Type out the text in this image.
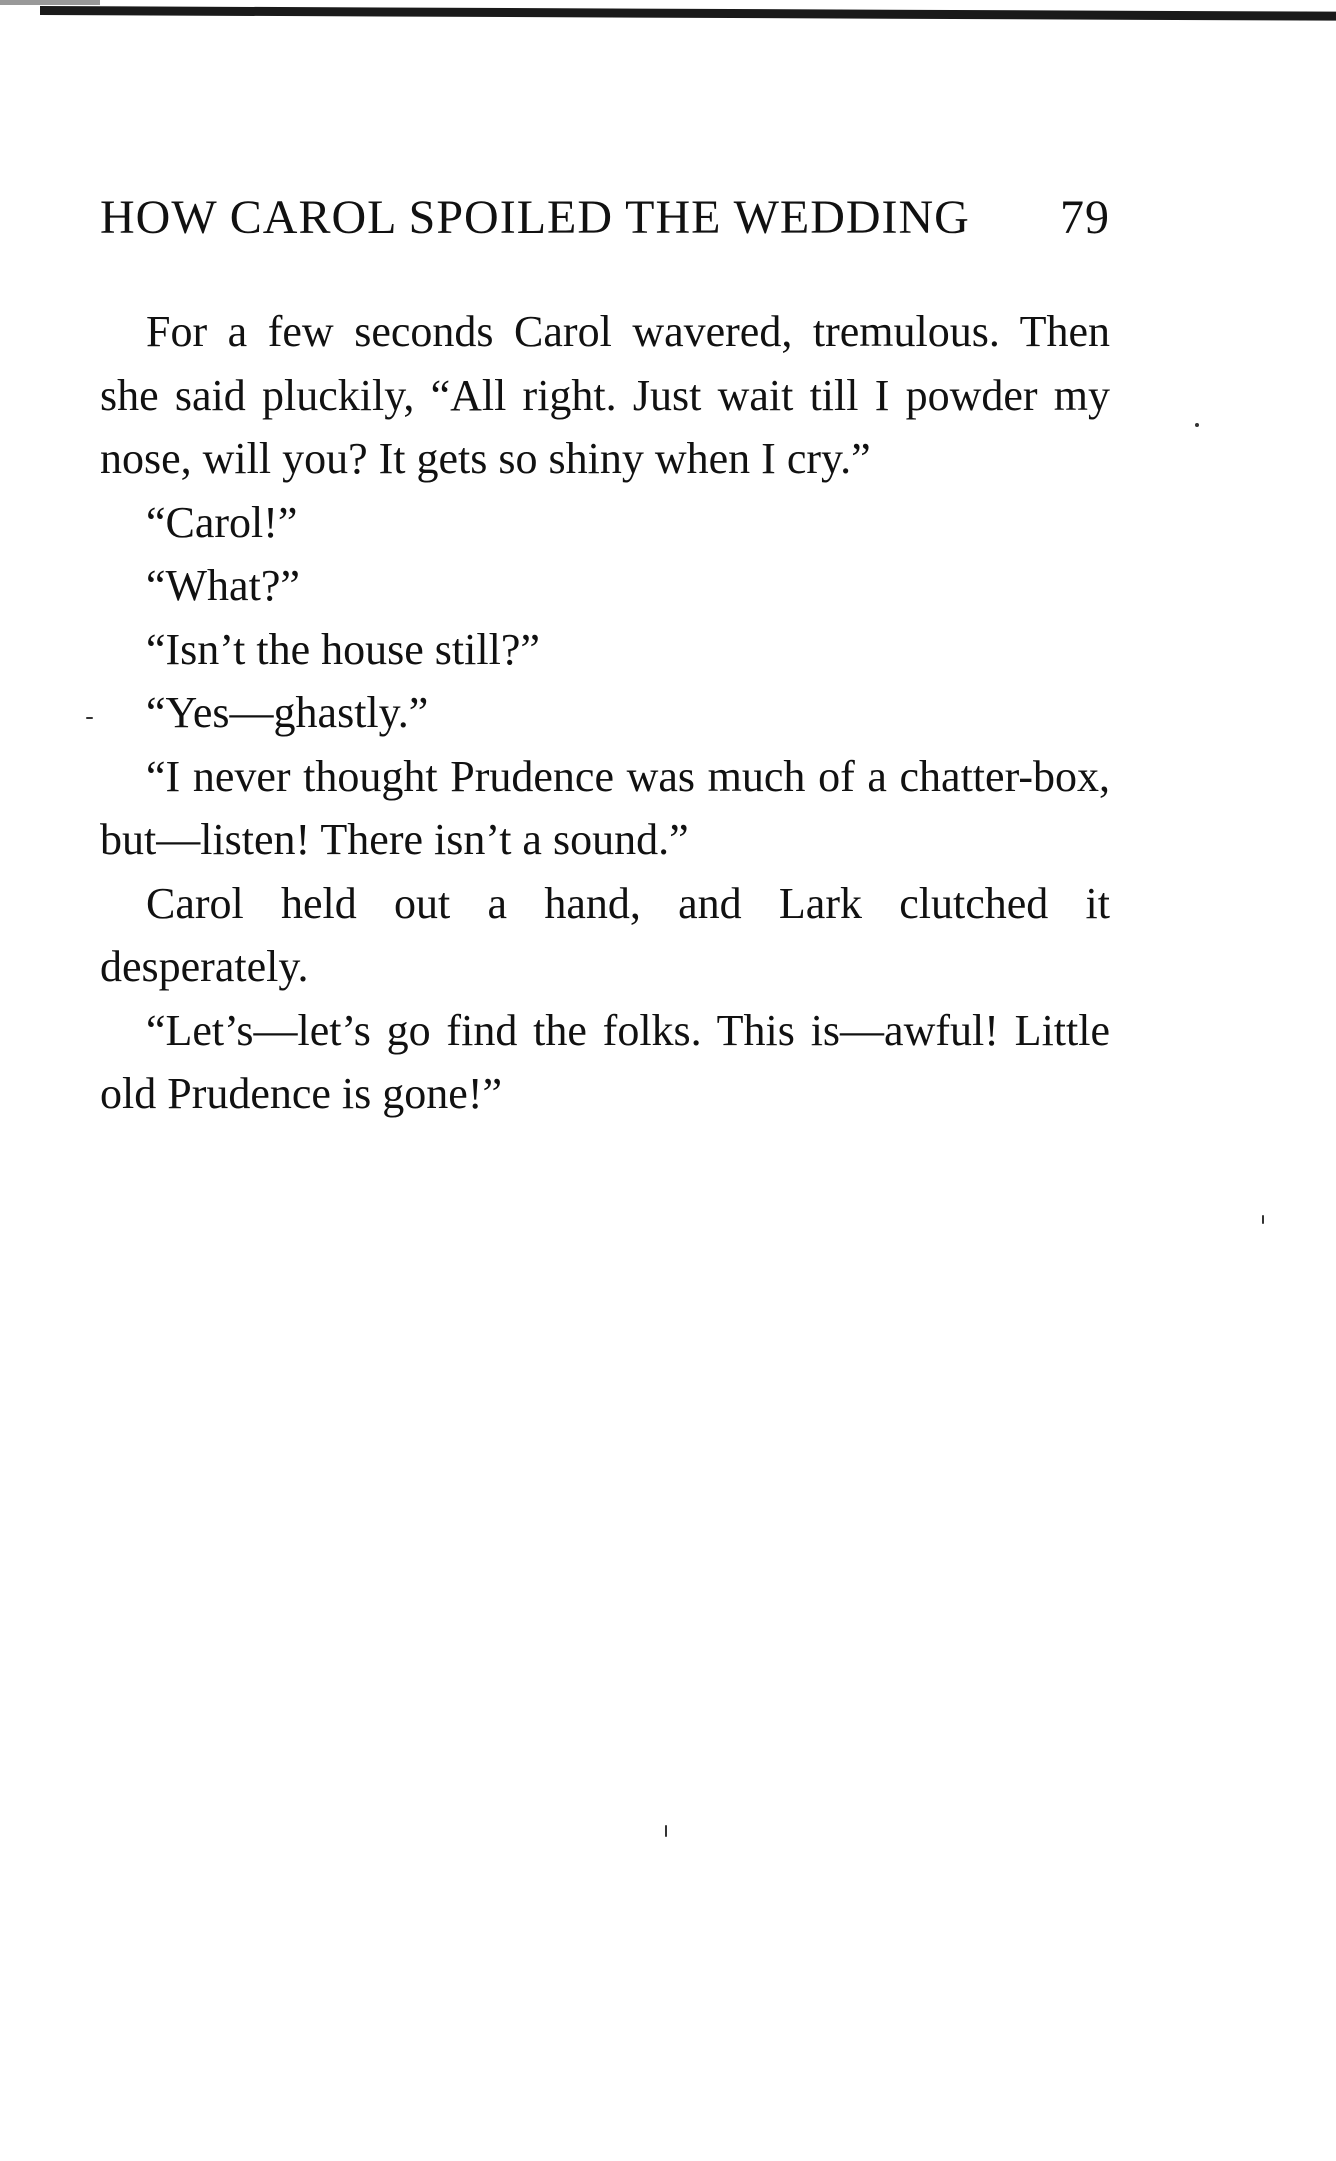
HOW CAROL SPOILED THE WEDDING 79

For a few seconds Carol wavered, tremulous. Then she said pluckily, “All right. Just wait till I powder my nose, will you? It gets so shiny when I cry.”

“Carol!”

“What?”

“Isn’t the house still?”

“Yes—ghastly.”

“I never thought Prudence was much of a chatter-box, but—listen! There isn’t a sound.”

Carol held out a hand, and Lark clutched it desperately.

“Let’s—let’s go find the folks. This is—awful! Little old Prudence is gone!”
